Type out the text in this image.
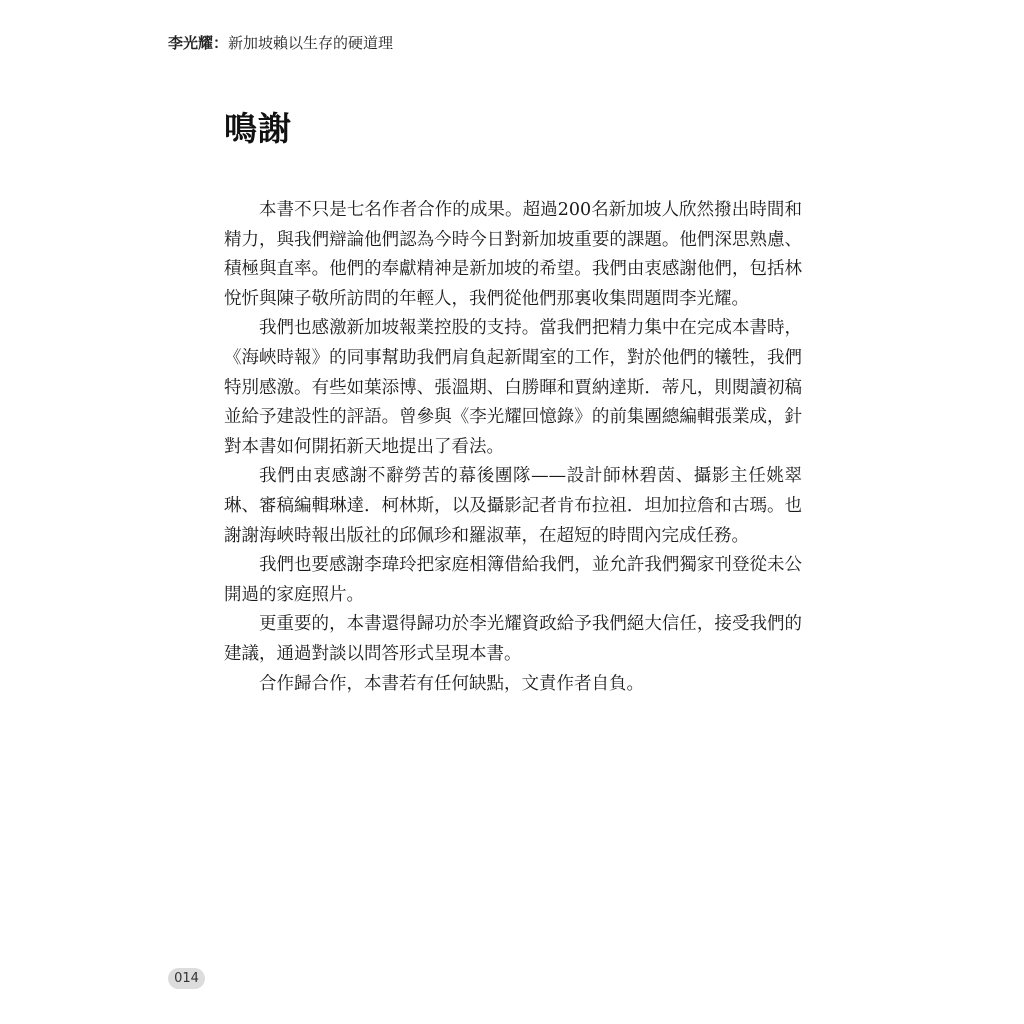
李光耀：新加坡賴以生存的硬道理
鳴謝

本書不只是七名作者合作的成果。超過200名新加坡人欣然撥出時間和精力，與我們辯論他們認為今時今日對新加坡重要的課題。他們深思熟慮、積極與直率。他們的奉獻精神是新加坡的希望。我們由衷感謝他們，包括林悅忻與陳子敬所訪問的年輕人，我們從他們那裏收集問題問李光耀。

我們也感激新加坡報業控股的支持。當我們把精力集中在完成本書時，《海峽時報》的同事幫助我們肩負起新聞室的工作，對於他們的犧牲，我們特別感激。有些如葉添博、張溫期、白勝暉和賈納達斯．蒂凡，則閱讀初稿並給予建設性的評語。曾參與《李光耀回憶錄》的前集團總編輯張業成，針對本書如何開拓新天地提出了看法。

我們由衷感謝不辭勞苦的幕後團隊——設計師林碧茵、攝影主任姚翠琳、審稿編輯琳達．柯林斯，以及攝影記者肯布拉祖．坦加拉詹和古瑪。也謝謝海峽時報出版社的邱佩珍和羅淑華，在超短的時間內完成任務。

我們也要感謝李瑋玲把家庭相簿借給我們，並允許我們獨家刊登從未公開過的家庭照片。

更重要的，本書還得歸功於李光耀資政給予我們絕大信任，接受我們的建議，通過對談以問答形式呈現本書。

合作歸合作，本書若有任何缺點，文責作者自負。

014
